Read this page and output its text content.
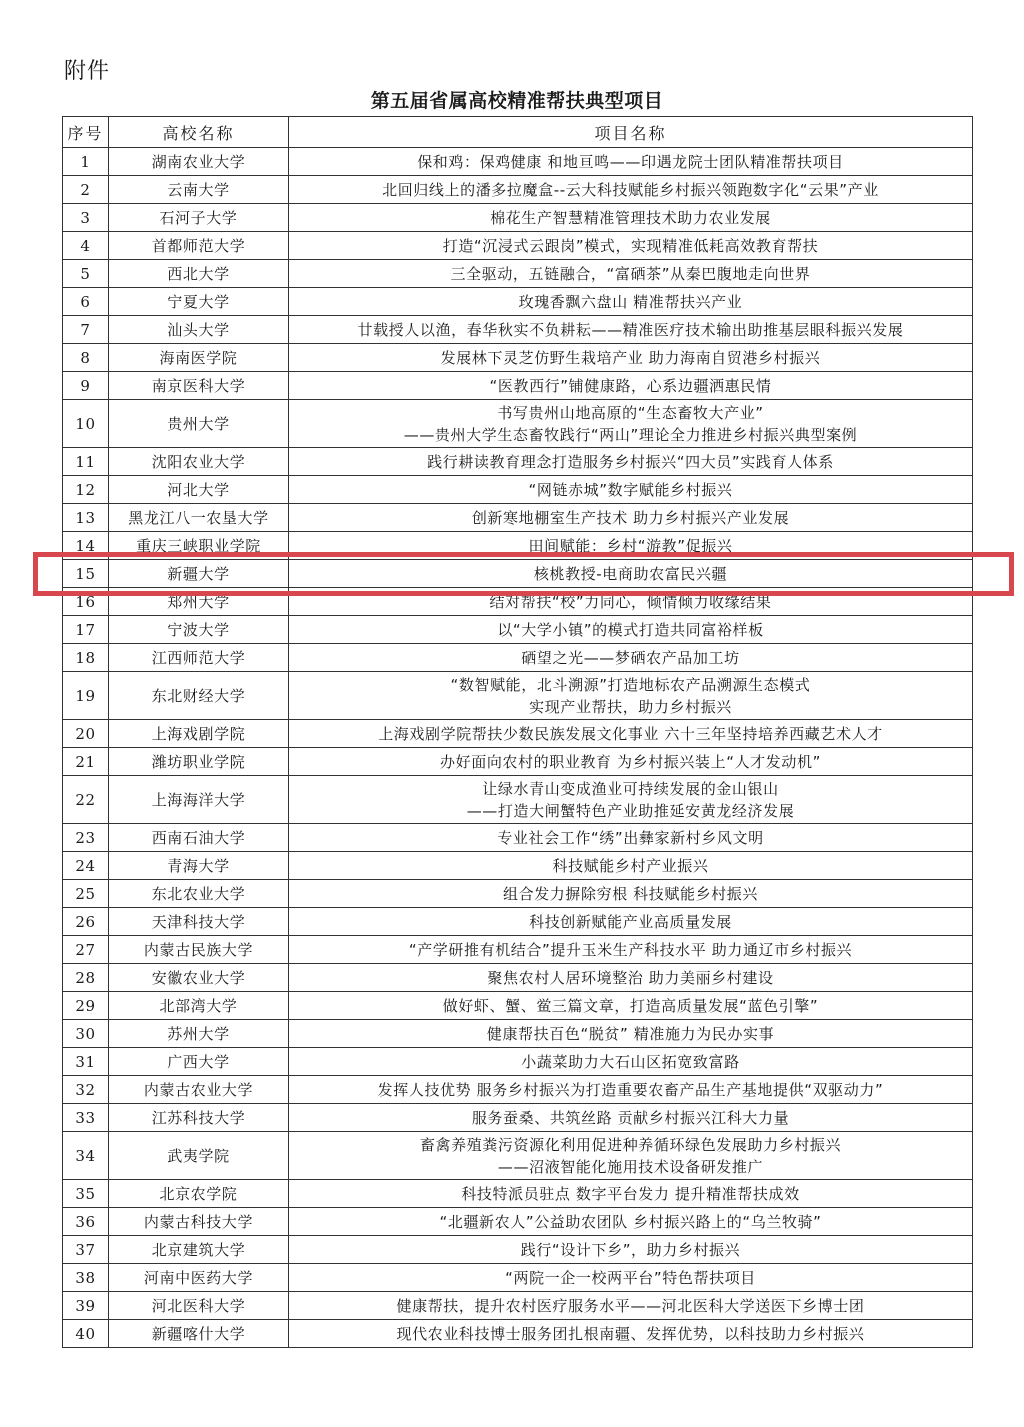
附件
第五届省属高校精准帮扶典型项目
序号	高校名称	项目名称
1	湖南农业大学	保和鸡：保鸡健康 和地亘鸣——印遇龙院士团队精准帮扶项目

2	云南大学	北回归线上的潘多拉魔盒--云大科技赋能乡村振兴领跑数字化“云果”产业

3	石河子大学	棉花生产智慧精准管理技术助力农业发展

4	首都师范大学	打造“沉浸式云跟岗”模式，实现精准低耗高效教育帮扶

5	西北大学	三全驱动，五链融合，“富硒茶”从秦巴腹地走向世界

6	宁夏大学	玫瑰香飘六盘山 精准帮扶兴产业

7	汕头大学	廿载授人以渔，春华秋实不负耕耘——精准医疗技术输出助推基层眼科振兴发展

8	海南医学院	发展林下灵芝仿野生栽培产业 助力海南自贸港乡村振兴

9	南京医科大学	“医教西行”铺健康路，心系边疆洒惠民情

10	贵州大学	书写贵州山地高原的“生态畜牧大产业”
——贵州大学生态畜牧践行“两山”理论全力推进乡村振兴典型案例

11	沈阳农业大学	践行耕读教育理念打造服务乡村振兴“四大员”实践育人体系

12	河北大学	“网链赤城”数字赋能乡村振兴

13	黑龙江八一农垦大学	创新寒地棚室生产技术 助力乡村振兴产业发展

14	重庆三峡职业学院	田间赋能：乡村“游教”促振兴

15	新疆大学	核桃教授-电商助农富民兴疆

16	郑州大学	结对帮扶“校”力同心，倾情倾力收缘结果

17	宁波大学	以“大学小镇”的模式打造共同富裕样板

18	江西师范大学	硒望之光——梦硒农产品加工坊

19	东北财经大学	“数智赋能，北斗溯源”打造地标农产品溯源生态模式
实现产业帮扶，助力乡村振兴

20	上海戏剧学院	上海戏剧学院帮扶少数民族发展文化事业 六十三年坚持培养西藏艺术人才

21	潍坊职业学院	办好面向农村的职业教育 为乡村振兴装上“人才发动机”

22	上海海洋大学	让绿水青山变成渔业可持续发展的金山银山
——打造大闸蟹特色产业助推延安黄龙经济发展

23	西南石油大学	专业社会工作“绣”出彝家新村乡风文明

24	青海大学	科技赋能乡村产业振兴

25	东北农业大学	组合发力摒除穷根 科技赋能乡村振兴

26	天津科技大学	科技创新赋能产业高质量发展

27	内蒙古民族大学	“产学研推有机结合”提升玉米生产科技水平 助力通辽市乡村振兴

28	安徽农业大学	聚焦农村人居环境整治 助力美丽乡村建设

29	北部湾大学	做好虾、蟹、鲎三篇文章，打造高质量发展“蓝色引擎”

30	苏州大学	健康帮扶百色“脱贫” 精准施力为民办实事

31	广西大学	小蔬菜助力大石山区拓宽致富路

32	内蒙古农业大学	发挥人技优势 服务乡村振兴为打造重要农畜产品生产基地提供“双驱动力”

33	江苏科技大学	服务蚕桑、共筑丝路 贡献乡村振兴江科大力量

34	武夷学院	畜禽养殖粪污资源化利用促进种养循环绿色发展助力乡村振兴
——沼液智能化施用技术设备研发推广

35	北京农学院	科技特派员驻点 数字平台发力 提升精准帮扶成效

36	内蒙古科技大学	“北疆新农人”公益助农团队 乡村振兴路上的“乌兰牧骑”

37	北京建筑大学	践行“设计下乡”，助力乡村振兴

38	河南中医药大学	“两院一企一校两平台”特色帮扶项目

39	河北医科大学	健康帮扶，提升农村医疗服务水平——河北医科大学送医下乡博士团

40	新疆喀什大学	现代农业科技博士服务团扎根南疆、发挥优势，以科技助力乡村振兴
